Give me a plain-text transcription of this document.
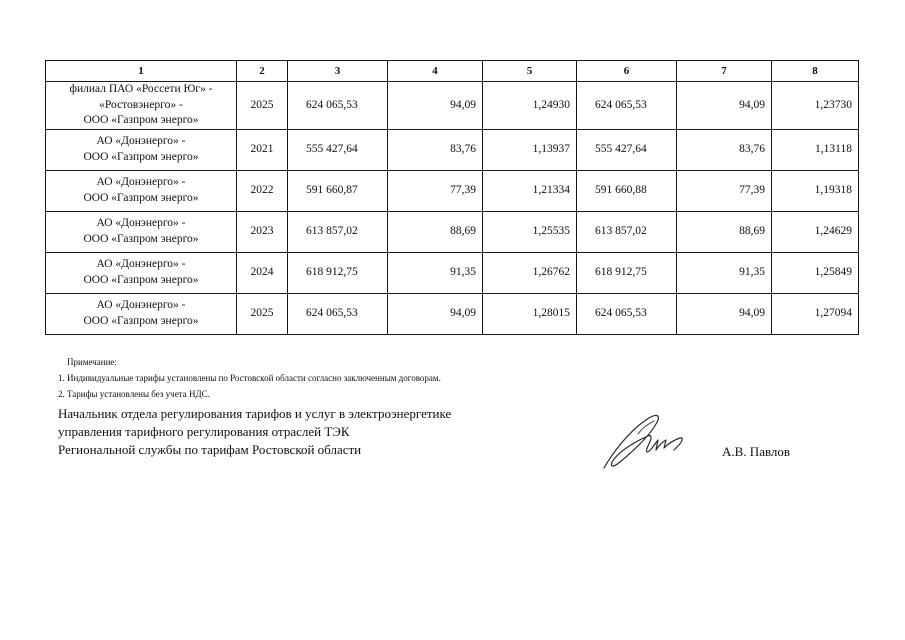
1	2	3	4	5	6	7	8
филиал ПАО «Россети Юг» -
«Ростовэнерго» -
ООО «Газпром энерго»	2025	624 065,53	94,09	1,24930	624 065,53	94,09	1,23730
АО «Донэнерго» -
ООО «Газпром энерго»	2021	555 427,64	83,76	1,13937	555 427,64	83,76	1,13118
АО «Донэнерго» -
ООО «Газпром энерго»	2022	591 660,87	77,39	1,21334	591 660,88	77,39	1,19318
АО «Донэнерго» -
ООО «Газпром энерго»	2023	613 857,02	88,69	1,25535	613 857,02	88,69	1,24629
АО «Донэнерго» -
ООО «Газпром энерго»	2024	618 912,75	91,35	1,26762	618 912,75	91,35	1,25849
АО «Донэнерго» -
ООО «Газпром энерго»	2025	624 065,53	94,09	1,28015	624 065,53	94,09	1,27094
Примечание:
1. Индивидуальные тарифы установлены по Ростовской области согласно заключенным договорам.
2. Тарифы установлены без учета НДС.
Начальник отдела регулирования тарифов и услуг в электроэнергетике
управления тарифного регулирования отраслей ТЭК
Региональной службы по тарифам Ростовской области	А.В. Павлов
